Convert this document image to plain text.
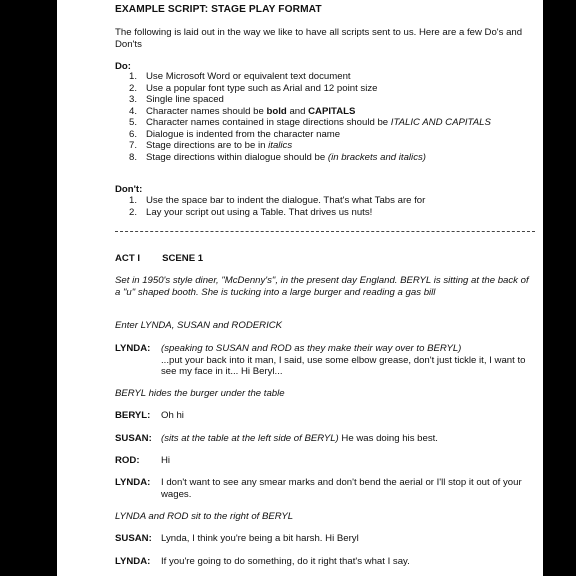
EXAMPLE SCRIPT: STAGE PLAY FORMAT
The following is laid out in the way we like to have all scripts sent to us. Here are a few Do's and Don'ts
Do:
1. Use Microsoft Word or equivalent text document
2. Use a popular font type such as Arial and 12 point size
3. Single line spaced
4. Character names should be bold and CAPITALS
5. Character names contained in stage directions should be ITALIC AND CAPITALS
6. Dialogue is indented from the character name
7. Stage directions are to be in italics
8. Stage directions within dialogue should be (in brackets and italics)
Don't:
1. Use the space bar to indent the dialogue. That's what Tabs are for
2. Lay your script out using a Table. That drives us nuts!
ACT I SCENE 1
Set in 1950's style diner, "McDenny's", in the present day England. BERYL is sitting at the back of a "u" shaped booth. She is tucking into a large burger and reading a gas bill
Enter LYNDA, SUSAN and RODERICK
LYNDA:	(speaking to SUSAN and ROD as they make their way over to BERYL)
...put your back into it man, I said, use some elbow grease, don't just tickle it, I want to see my face in it... Hi Beryl...
BERYL hides the burger under the table
BERYL:	Oh hi
SUSAN: (sits at the table at the left side of BERYL) He was doing his best.
ROD:	Hi
LYNDA:	I don't want to see any smear marks and don't bend the aerial or I'll stop it out of your wages.
LYNDA and ROD sit to the right of BERYL
SUSAN: Lynda, I think you're being a bit harsh. Hi Beryl
LYNDA:	If you're going to do something, do it right that's what I say.
